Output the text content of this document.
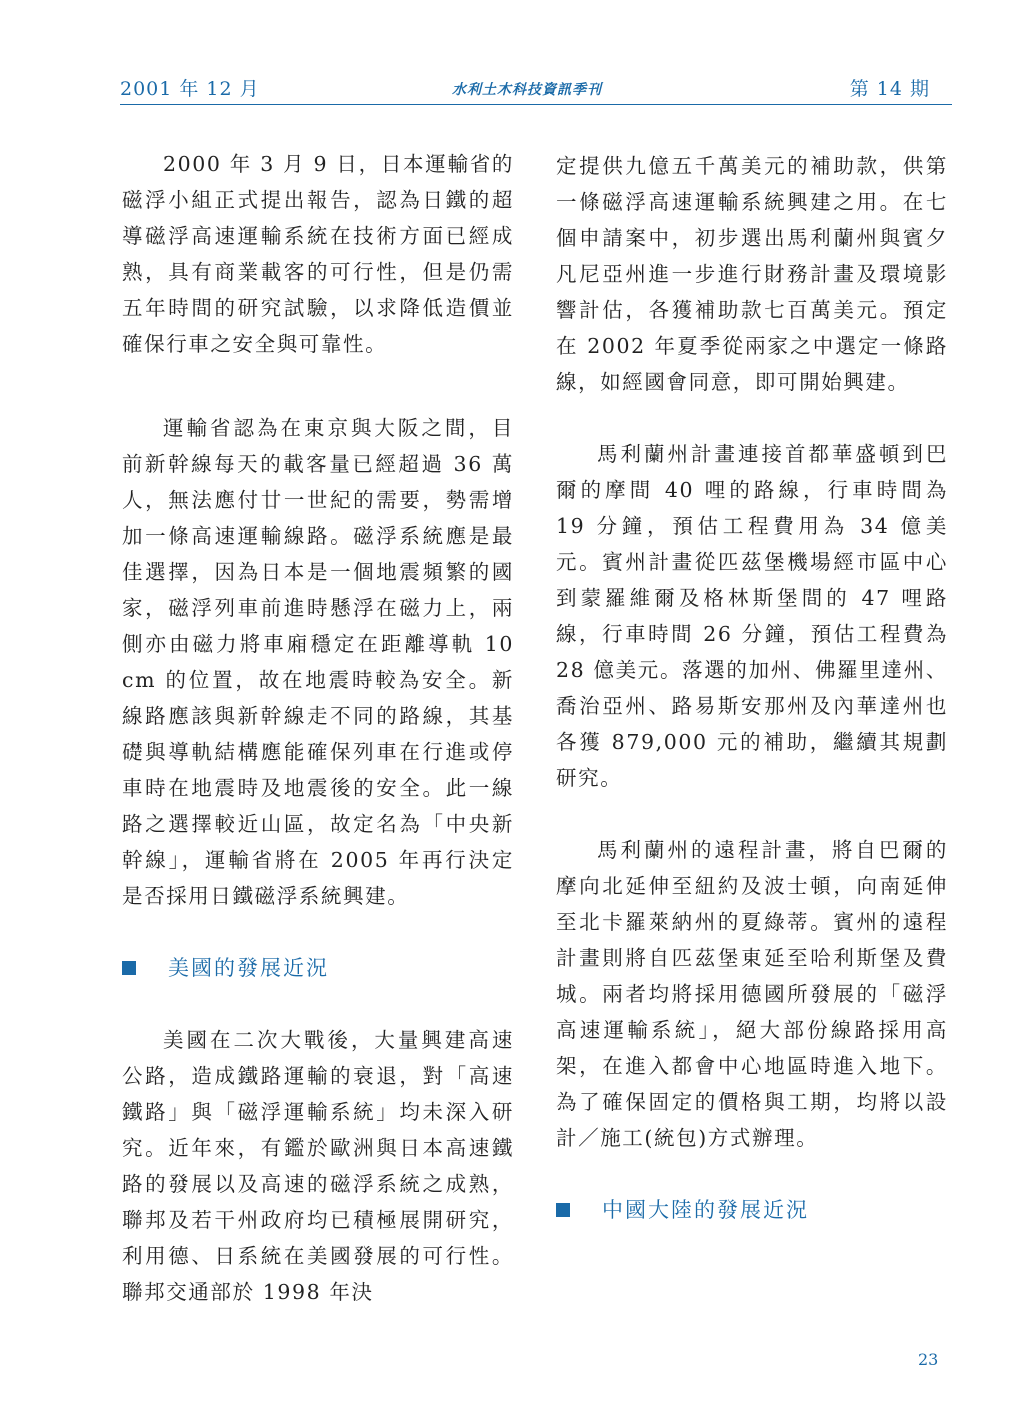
2001 年 12 月	水利土木科技資訊季刊	第 14 期

2000 年 3 月 9 日，日本運輸省的磁浮小組正式提出報告，認為日鐵的超導磁浮高速運輸系統在技術方面已經成熟，具有商業載客的可行性，但是仍需五年時間的研究試驗，以求降低造價並確保行車之安全與可靠性。

運輸省認為在東京與大阪之間，目前新幹線每天的載客量已經超過 36 萬人，無法應付廿一世紀的需要，勢需增加一條高速運輸線路。磁浮系統應是最佳選擇，因為日本是一個地震頻繁的國家，磁浮列車前進時懸浮在磁力上，兩側亦由磁力將車廂穩定在距離導軌 10 cm 的位置，故在地震時較為安全。新線路應該與新幹線走不同的路線，其基礎與導軌結構應能確保列車在行進或停車時在地震時及地震後的安全。此一線路之選擇較近山區，故定名為「中央新幹線」，運輸省將在 2005 年再行決定是否採用日鐵磁浮系統興建。

美國的發展近況

美國在二次大戰後，大量興建高速公路，造成鐵路運輸的衰退，對「高速鐵路」與「磁浮運輸系統」均未深入研究。近年來，有鑑於歐洲與日本高速鐵路的發展以及高速的磁浮系統之成熟，聯邦及若干州政府均已積極展開研究，利用德、日系統在美國發展的可行性。聯邦交通部於 1998 年決

定提供九億五千萬美元的補助款，供第一條磁浮高速運輸系統興建之用。在七個申請案中，初步選出馬利蘭州與賓夕凡尼亞州進一步進行財務計畫及環境影響計估，各獲補助款七百萬美元。預定在 2002 年夏季從兩家之中選定一條路線，如經國會同意，即可開始興建。

馬利蘭州計畫連接首都華盛頓到巴爾的摩間 40 哩的路線，行車時間為 19 分鐘，預估工程費用為 34 億美元。賓州計畫從匹茲堡機場經市區中心到蒙羅維爾及格林斯堡間的 47 哩路線，行車時間 26 分鐘，預估工程費為 28 億美元。落選的加州、佛羅里達州、喬治亞州、路易斯安那州及內華達州也各獲 879,000 元的補助，繼續其規劃研究。

馬利蘭州的遠程計畫，將自巴爾的摩向北延伸至紐約及波士頓，向南延伸至北卡羅萊納州的夏綠蒂。賓州的遠程計畫則將自匹茲堡東延至哈利斯堡及費城。兩者均將採用德國所發展的「磁浮高速運輸系統」，絕大部份線路採用高架，在進入都會中心地區時進入地下。為了確保固定的價格與工期，均將以設計／施工(統包)方式辦理。

中國大陸的發展近況
23
